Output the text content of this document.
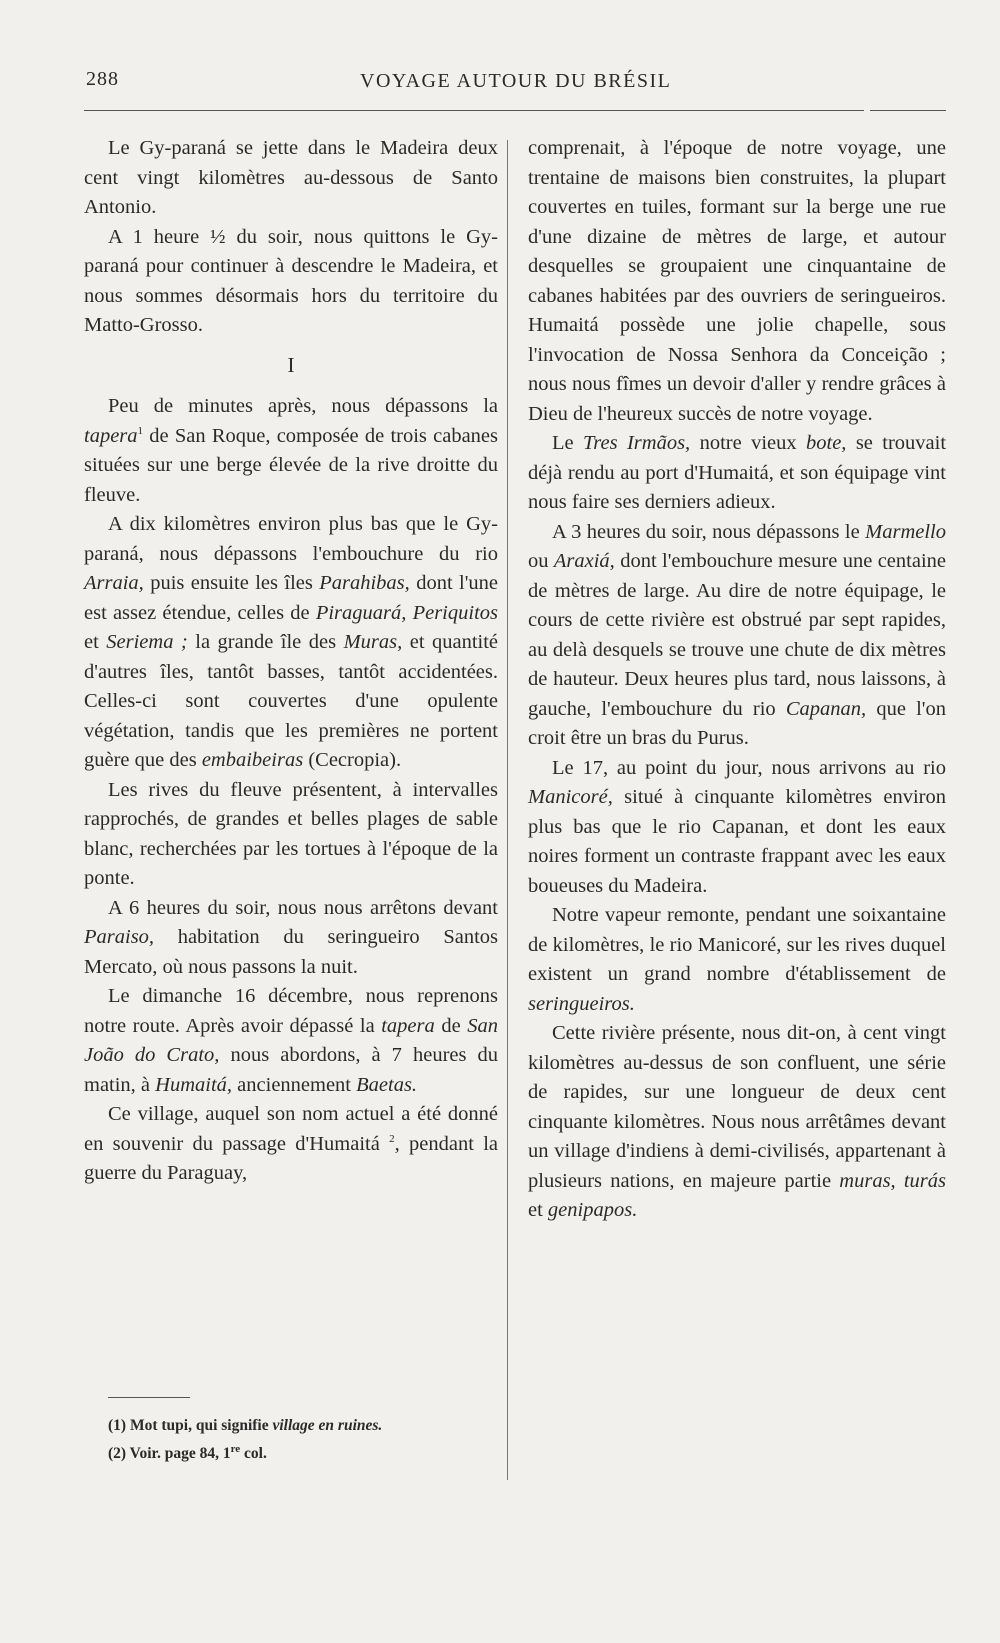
288	VOYAGE AUTOUR DU BRÉSIL

Le Gy-paraná se jette dans le Madeira deux cent vingt kilomètres au-dessous de Santo Antonio.

A 1 heure ½ du soir, nous quittons le Gy-paraná pour continuer à descendre le Madeira, et nous sommes désormais hors du territoire du Matto-Grosso.

I

Peu de minutes après, nous dépassons la tapera$^1$ de San Roque, composée de trois cabanes situées sur une berge élevée de la rive droitte du fleuve.

A dix kilomètres environ plus bas que le Gy-paraná, nous dépassons l'embouchure du rio Arraia, puis ensuite les îles Parahibas, dont l'une est assez étendue, celles de Piraguará, Periquitos et Seriema ; la grande île des Muras, et quantité d'autres îles, tantôt basses, tantôt accidentées. Celles-ci sont couvertes d'une opulente végétation, tandis que les premières ne portent guère que des embaibeiras (Cecropia).

Les rives du fleuve présentent, à intervalles rapprochés, de grandes et belles plages de sable blanc, recherchées par les tortues à l'époque de la ponte.

A 6 heures du soir, nous nous arrêtons devant Paraiso, habitation du seringueiro Santos Mercato, où nous passons la nuit.

Le dimanche 16 décembre, nous reprenons notre route. Après avoir dépassé la tapera de San João do Crato, nous abordons, à 7 heures du matin, à Humaitá, anciennement Baetas.

Ce village, auquel son nom actuel a été donné en souvenir du passage d'Humaitá $^2$, pendant la guerre du Paraguay,

comprenait, à l'époque de notre voyage, une trentaine de maisons bien construites, la plupart couvertes en tuiles, formant sur la berge une rue d'une dizaine de mètres de large, et autour desquelles se groupaient une cinquantaine de cabanes habitées par des ouvriers de seringueiros. Humaitá possède une jolie chapelle, sous l'invocation de Nossa Senhora da Conceição ; nous nous fîmes un devoir d'aller y rendre grâces à Dieu de l'heureux succès de notre voyage.

Le Tres Irmãos, notre vieux bote, se trouvait déjà rendu au port d'Humaitá, et son équipage vint nous faire ses derniers adieux.

A 3 heures du soir, nous dépassons le Marmello ou Araxiá, dont l'embouchure mesure une centaine de mètres de large. Au dire de notre équipage, le cours de cette rivière est obstrué par sept rapides, au delà desquels se trouve une chute de dix mètres de hauteur. Deux heures plus tard, nous laissons, à gauche, l'embouchure du rio Capanan, que l'on croit être un bras du Purus.

Le 17, au point du jour, nous arrivons au rio Manicoré, situé à cinquante kilomètres environ plus bas que le rio Capanan, et dont les eaux noires forment un contraste frappant avec les eaux boueuses du Madeira.

Notre vapeur remonte, pendant une soixantaine de kilomètres, le rio Manicoré, sur les rives duquel existent un grand nombre d'établissement de seringueiros.

Cette rivière présente, nous dit-on, à cent vingt kilomètres au-dessus de son confluent, une série de rapides, sur une longueur de deux cent cinquante kilomètres. Nous nous arrêtâmes devant un village d'indiens à demi-civilisés, appartenant à plusieurs nations, en majeure partie muras, turás et genipapos.

(1) Mot tupi, qui signifie village en ruines.
(2) Voir. page 84, 1re col.
